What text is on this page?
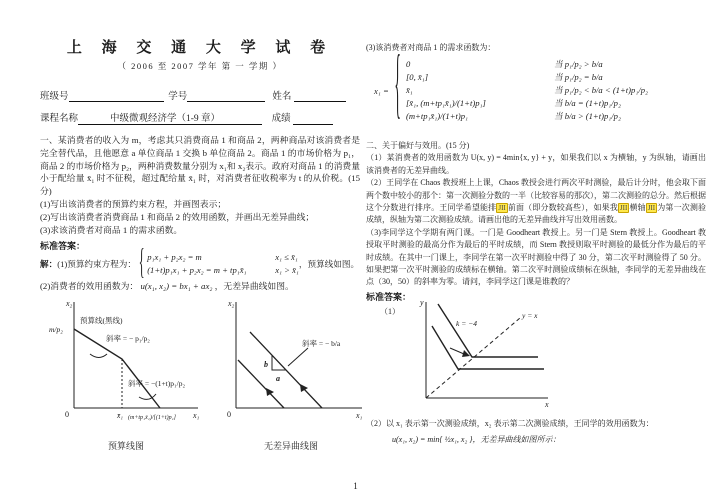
上 海 交 通 大 学 试 卷
（ 2006 至 2007 学年 第 一 学期 ）
班级号	学号	姓名
课程名称	中级微观经济学（1-9 章）	成绩

一、某消费者的收入为 m，考虑其只消费商品 1 和商品 2，两种商品对该消费者是完全替代品，且他愿意 a 单位商品 1 交换 b 单位商品 2。商品 1 的市场价格为 p₁，商品 2 的市场价格为 p₂，两种消费数量分别为 x₁和 x₂表示。政府对商品 1 的消费量小于配给量 x̄₁ 时不征税，超过配给量 x̄₁ 时，对消费者征收税率为 t 的从价税。(15 分)

(1)写出该消费者的预算约束方程，并画图表示；

(2)写出该消费者消费商品 1 和商品 2 的效用函数，并画出无差异曲线；

(3)求该消费者对商品 1 的需求函数。

标准答案：
解： (1)预算约束方程为： { p₁x₁ + p₂x₂ = m	x₁ ≤ x̄₁
(1+t)p₁x₁ + p₂x₂ = m + tp₁x̄₁	x₁ > x̄₁
，预算线如图。
(2)消费者的效用函数为： u(x₁, x₂) = bx₁ + ax₂ ，无差异曲线如图。
x₂
m/p₂
预算线(黑线)
斜率 = − p₁/p₂
斜率 = −(1+t)p₁/p₂
0	x̄₁ (m+tp₁x̄₁)/[(1+t)p₁] x₁
预算线图
x₂
斜率 = − b/a
b
a
0	x₁
无差异曲线图
(3)该消费者对商品 1 的需求函数为：
x₁ = { 0	当 p₁/p₂ > b/a
[0, x̄₁]	当 p₁/p₂ = b/a
x̄₁	当 p₁/p₂ < b/a < (1+t)p₁/p₂
[x̄₁, (m+tp₁x̄₁)/(1+t)p₁]	当 b/a = (1+t)p₁/p₂
(m+tp₁x̄₁)/(1+t)p₁	当 b/a > (1+t)p₁/p₂

二、关于偏好与效用。(15 分)

（1）某消费者的效用函数为 U(x, y) = 4min{x, y} + y，如果我们以 x 为横轴，y 为纵轴，请画出该消费者的无差异曲线。

（2）王同学在 Chaos 教授班上上课，Chaos 教授会进行两次平时测验，最后计分时，他会取下面两个数中较小的那个：第一次测验分数的一半（比较容易的那次），第二次测验的总分。然后根据这个分数进行排序。王同学希望能排 JII 前面（即分数较高些），如果我 JII 横轴 JII 为第一次测验成绩，纵轴为第二次测验成绩。请画出他的无差异曲线并写出效用函数。

（3)李同学这个学期有两门课。一门是 Goodheart 教授上。另一门是 Stern 教授上。Goodheart 教授取平时测验的最高分作为最后的平时成绩，而 Stern 教授则取平时测验的最低分作为最后的平时成绩。在其中一门课上，李同学在第一次平时测验中得了 30 分，第二次平时测验得了 50 分。如果把第一次平时测验的成绩标在横轴。第二次平时测验成绩标在纵轴，李同学的无差异曲线在点（30，50）的斜率为零。请问，李同学这门课是谁教的？

标准答案：
（1）
y
y = x
k = −4
x
（2）以 x₁ 表示第一次测验成绩，x₂ 表示第二次测验成绩，王同学的效用函数为：
u(x₁, x₂) = min{ ½x₁, x₂ }，无差异曲线如图所示：
1
